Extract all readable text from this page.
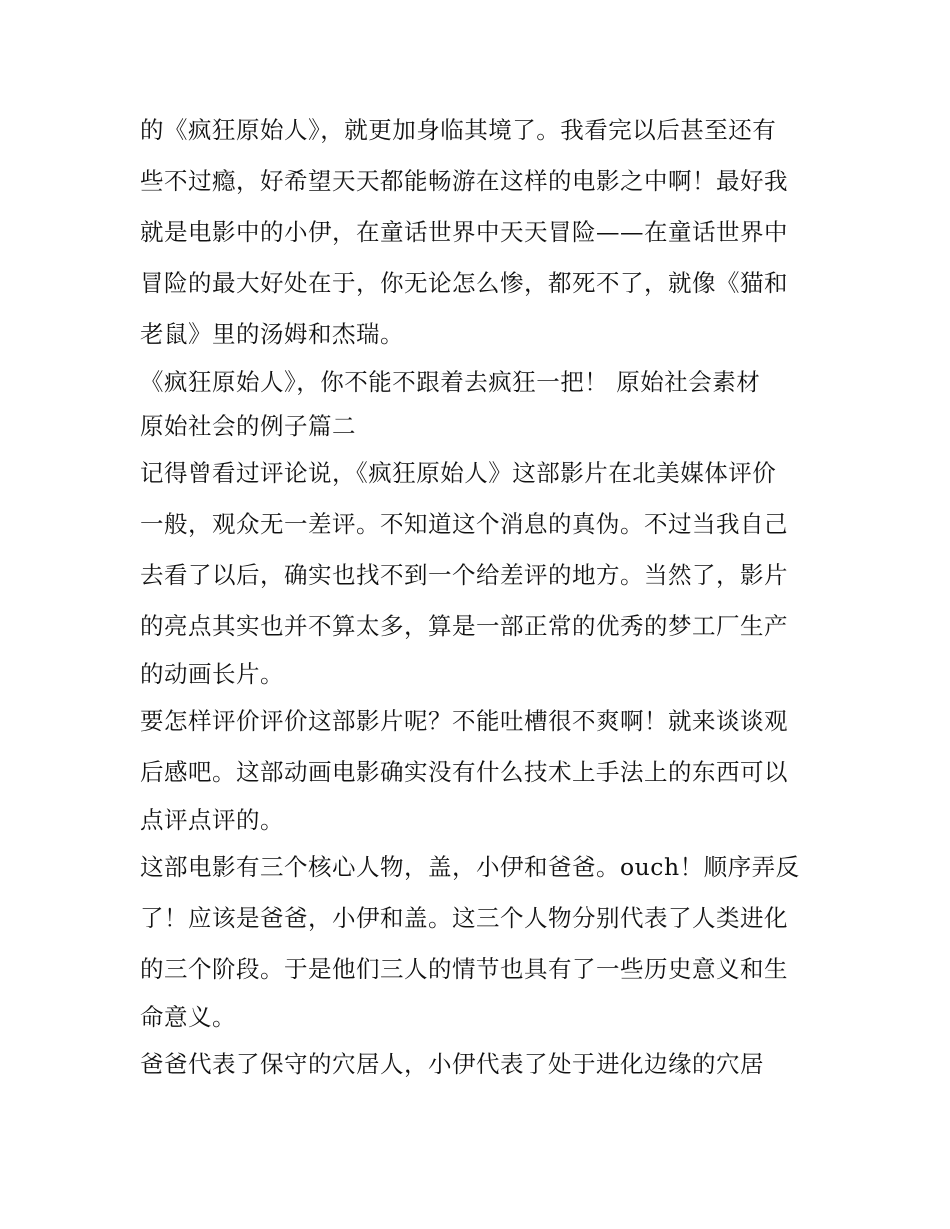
的《疯狂原始人》，就更加身临其境了。我看完以后甚至还有
些不过瘾，好希望天天都能畅游在这样的电影之中啊！最好我
就是电影中的小伊，在童话世界中天天冒险——在童话世界中
冒险的最大好处在于，你无论怎么惨，都死不了，就像《猫和
老鼠》里的汤姆和杰瑞。
《疯狂原始人》，你不能不跟着去疯狂一把！ 原始社会素材
原始社会的例子篇二
记得曾看过评论说，《疯狂原始人》这部影片在北美媒体评价
一般，观众无一差评。不知道这个消息的真伪。不过当我自己
去看了以后，确实也找不到一个给差评的地方。当然了，影片
的亮点其实也并不算太多，算是一部正常的优秀的梦工厂生产
的动画长片。
要怎样评价评价这部影片呢？不能吐槽很不爽啊！就来谈谈观
后感吧。这部动画电影确实没有什么技术上手法上的东西可以
点评点评的。
这部电影有三个核心人物，盖，小伊和爸爸。ouch！顺序弄反
了！应该是爸爸，小伊和盖。这三个人物分别代表了人类进化
的三个阶段。于是他们三人的情节也具有了一些历史意义和生
命意义。
爸爸代表了保守的穴居人，小伊代表了处于进化边缘的穴居
